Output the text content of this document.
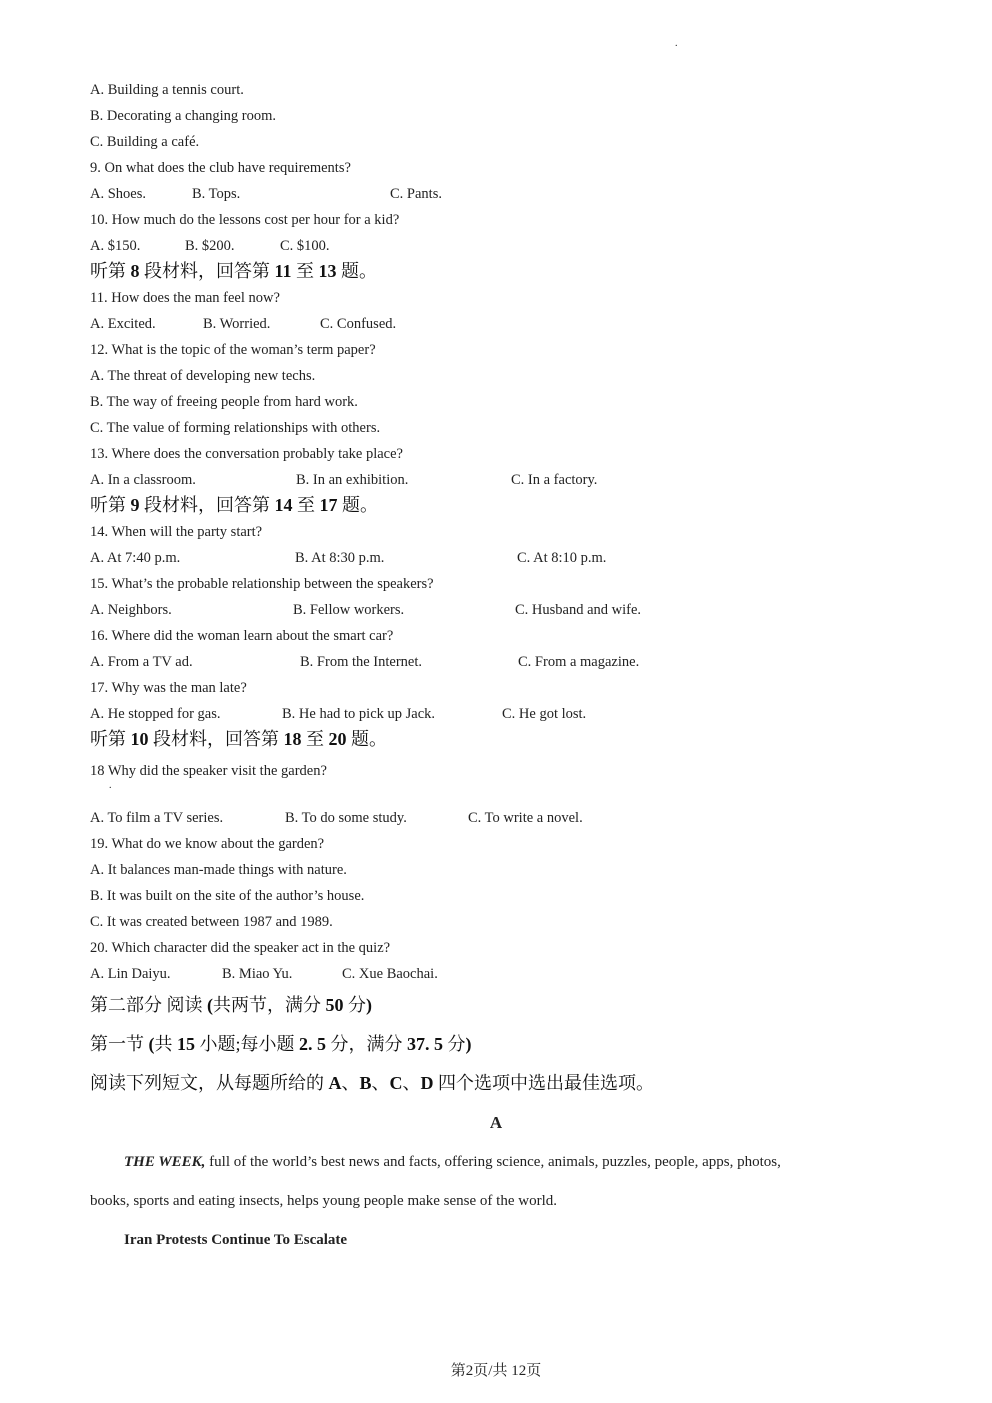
.
A. Building a tennis court.
B. Decorating a changing room.
C. Building a café.
9. On what does the club have requirements?
A. Shoes.	B. Tops.	C. Pants.
10. How much do the lessons cost per hour for a kid?
A. $150.	B. $200.	C. $100.
听第 8 段材料，回答第 11 至 13 题。
11. How does the man feel now?
A. Excited.	B. Worried.	C. Confused.
12. What is the topic of the woman’s term paper?
A. The threat of developing new techs.
B. The way of freeing people from hard work.
C. The value of forming relationships with others.
13. Where does the conversation probably take place?
A. In a classroom.	B. In an exhibition.	C. In a factory.
听第 9 段材料，回答第 14 至 17 题。
14. When will the party start?
A. At 7:40 p.m.	B. At 8:30 p.m.	C. At 8:10 p.m.
15. What’s the probable relationship between the speakers?
A. Neighbors.	B. Fellow workers.	C. Husband and wife.
16. Where did the woman learn about the smart car?
A. From a TV ad.	B. From the Internet.	C. From a magazine.
17. Why was the man late?
A. He stopped for gas.	B. He had to pick up Jack.	C. He got lost.
听第 10 段材料，回答第 18 至 20 题。
18 Why did the speaker visit the garden?
.
A. To film a TV series.	B. To do some study.	C. To write a novel.
19. What do we know about the garden?
A. It balances man-made things with nature.
B. It was built on the site of the author’s house.
C. It was created between 1987 and 1989.
20. Which character did the speaker act in the quiz?
A. Lin Daiyu.	B. Miao Yu.	C. Xue Baochai.
第二部分 阅读 (共两节，满分 50 分)
第一节 (共 15 小题;每小题 2. 5 分，满分 37. 5 分)
阅读下列短文，从每题所给的 A、B、C、D 四个选项中选出最佳选项。
A
THE WEEK, full of the world’s best news and facts, offering science, animals, puzzles, people, apps, photos,
books, sports and eating insects, helps young people make sense of the world.
Iran Protests Continue To Escalate
第2页/共 12页
